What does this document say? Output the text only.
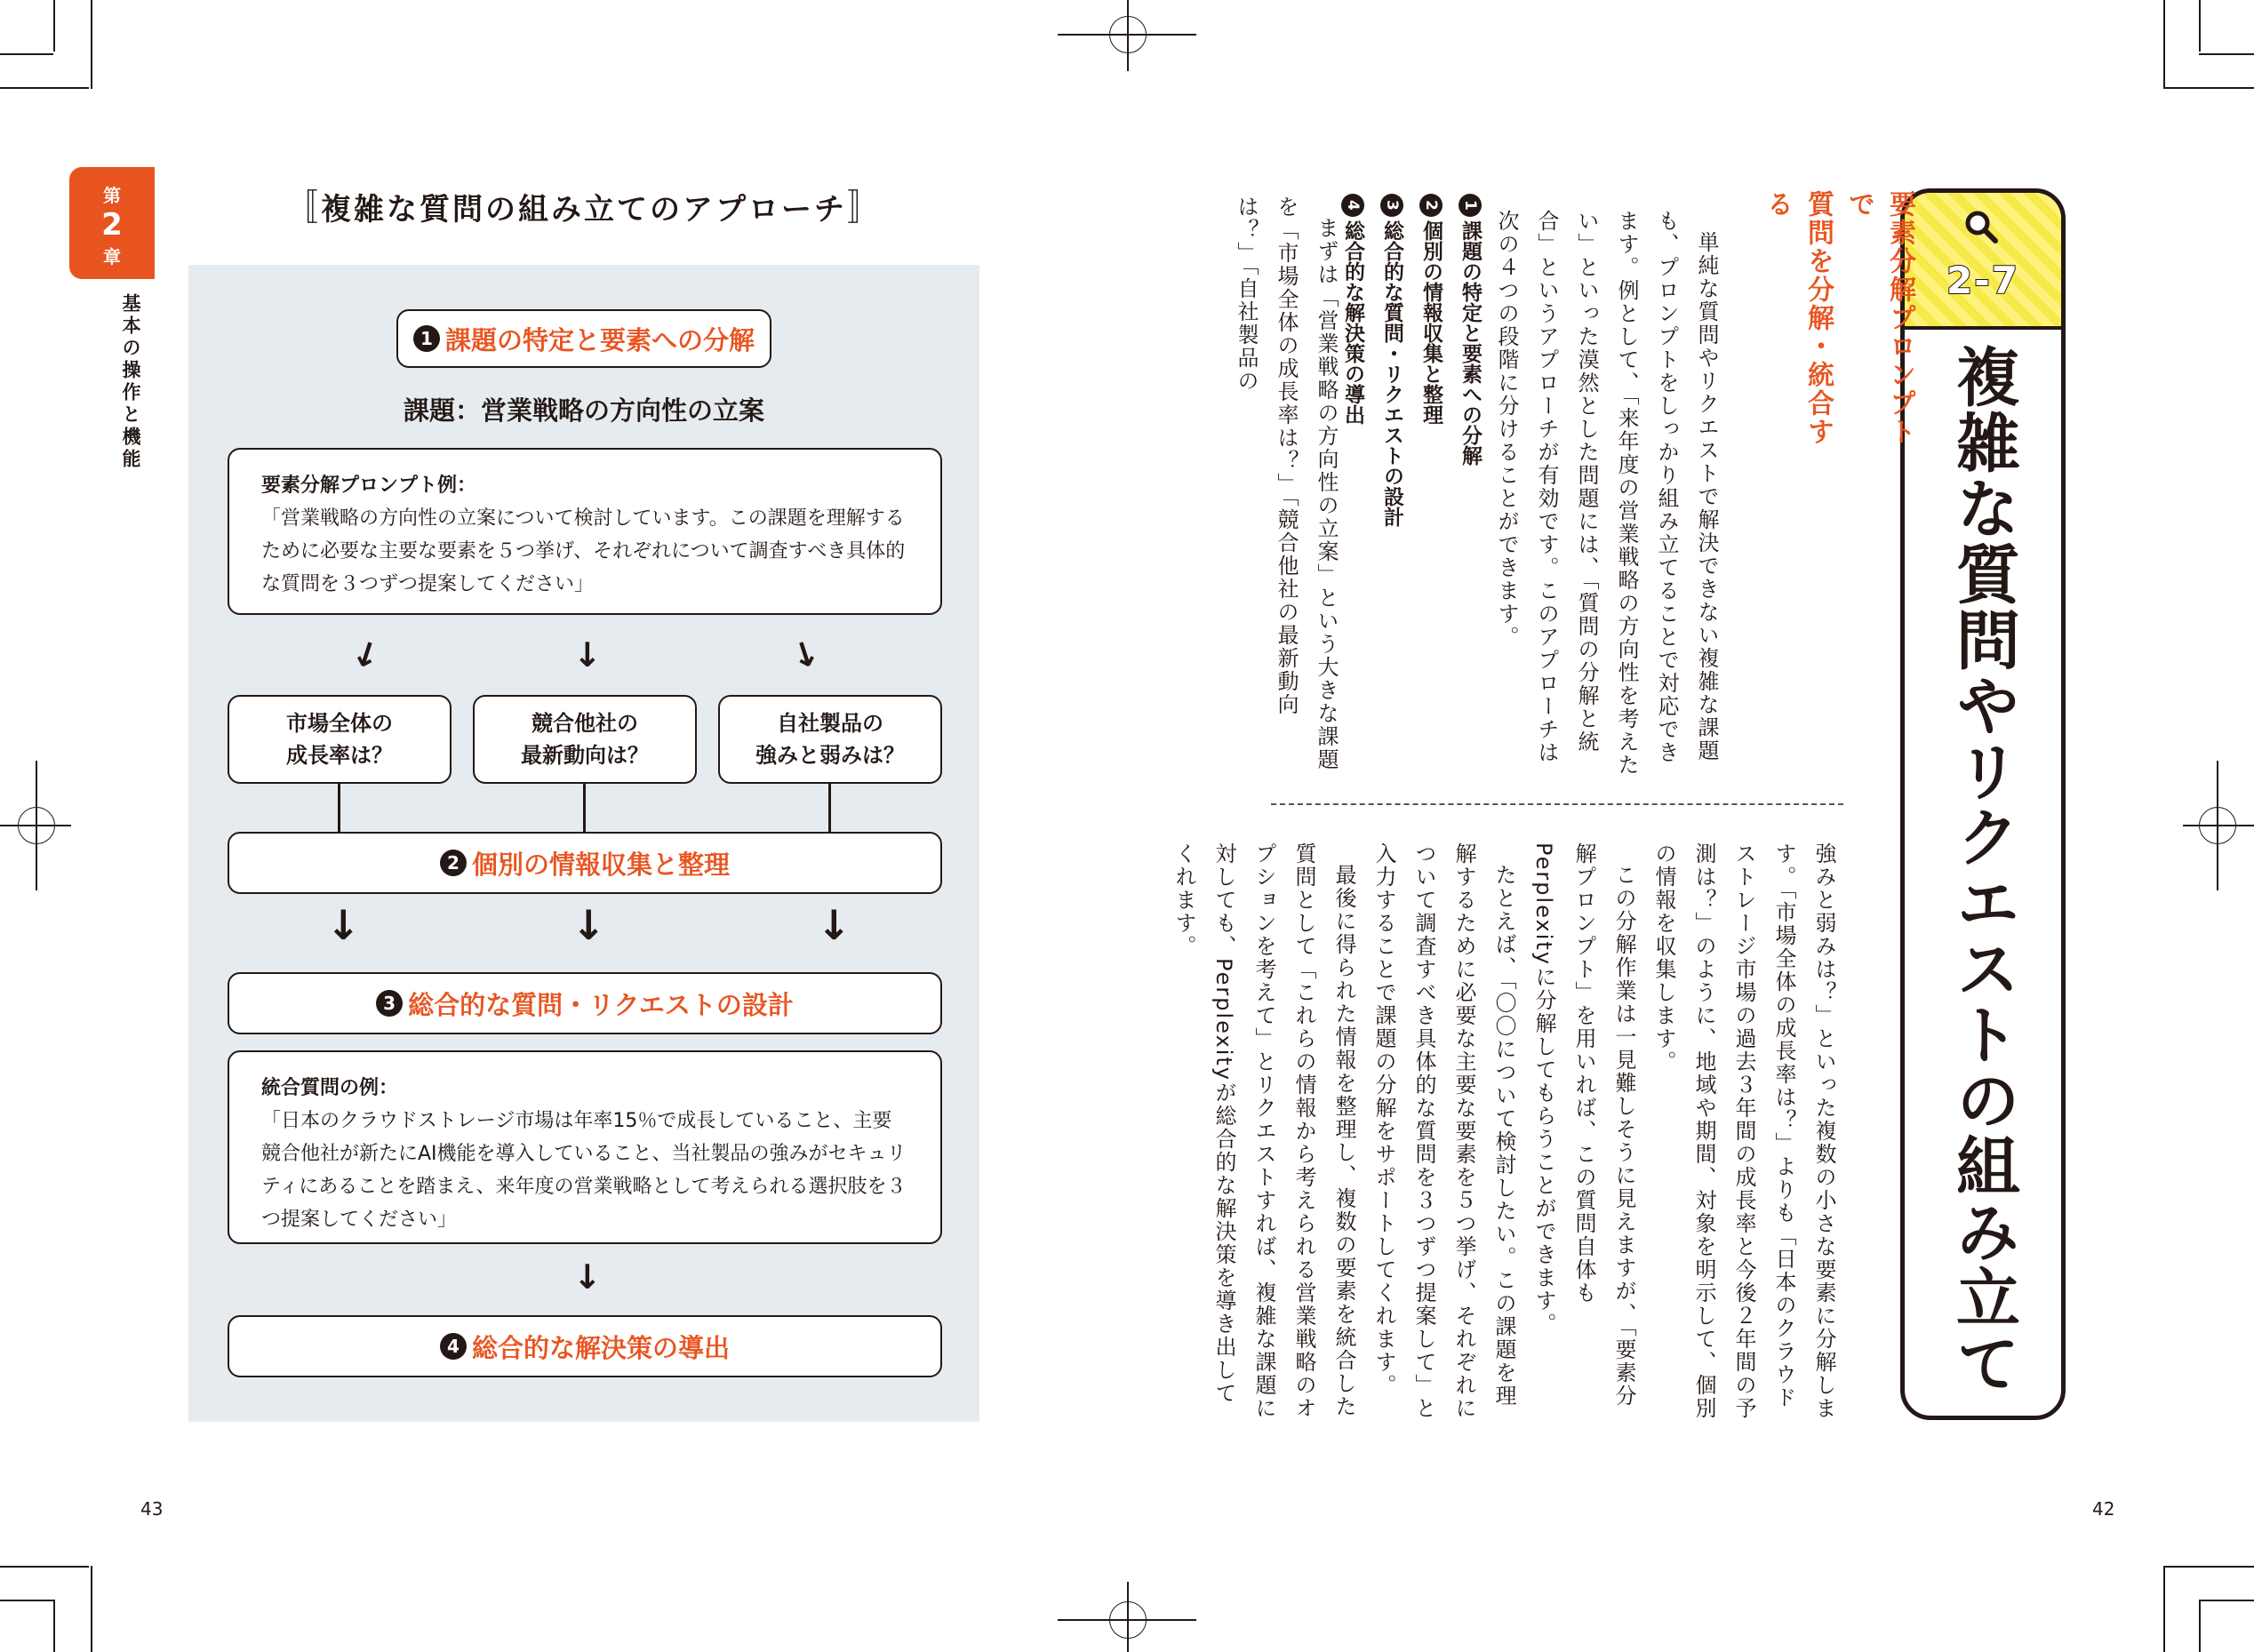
第
2
章
基本の操作と機能
〚複雑な質問の組み立てのアプローチ〛
1 課題の特定と要素への分解
課題：営業戦略の方向性の立案
要素分解プロンプト例：
「営業戦略の方向性の立案について検討しています。この課題を理解するために必要な主要な要素を５つ挙げ、それぞれについて調査すべき具体的な質問を３つずつ提案してください」
↓	↓	↓
市場全体の
成長率は？
競合他社の
最新動向は？
自社製品の
強みと弱みは？
2 個別の情報収集と整理
↓	↓	↓
3 総合的な質問・リクエストの設計
統合質問の例：
「日本のクラウドストレージ市場は年率15％で成長していること、主要競合他社が新たにAI機能を導入していること、当社製品の強みがセキュリティにあることを踏まえ、来年度の営業戦略として考えられる選択肢を３つ提案してください」
↓
4 総合的な解決策の導出
43
2-7
複雑な質問やリクエストの組み立て
要素分解プロンプトで
質問を分解・統合する

単純な質問やリクエストで解決できない複雑な課題も、プロンプトをしっかり組み立てることで対応できます。例として、「来年度の営業戦略の方向性を考えたい」といった漠然とした問題には、「質問の分解と統合」というアプローチが有効です。このアプローチは次の４つの段階に分けることができます。

1課題の特定と要素への分解
2個別の情報収集と整理
3総合的な質問・リクエストの設計
4総合的な解決策の導出

まずは「営業戦略の方向性の立案」という大きな課題を「市場全体の成長率は？」「競合他社の最新動向は？」「自社製品の

強みと弱みは？」といった複数の小さな要素に分解します。「市場全体の成長率は？」よりも「日本のクラウドストレージ市場の過去３年間の成長率と今後２年間の予測は？」のように、地域や期間、対象を明示して、個別の情報を収集します。

この分解作業は一見難しそうに見えますが、「要素分解プロンプト」を用いれば、この質問自体もPerplexityに分解してもらうことができます。

たとえば、「〇〇について検討したい。この課題を理解するために必要な主要な要素を５つ挙げ、それぞれについて調査すべき具体的な質問を３つずつ提案して」と入力することで課題の分解をサポートしてくれます。

最後に得られた情報を整理し、複数の要素を統合した質問として「これらの情報から考えられる営業戦略のオプションを考えて」とリクエストすれば、複雑な課題に対しても、Perplexityが総合的な解決策を導き出してくれます。

42
